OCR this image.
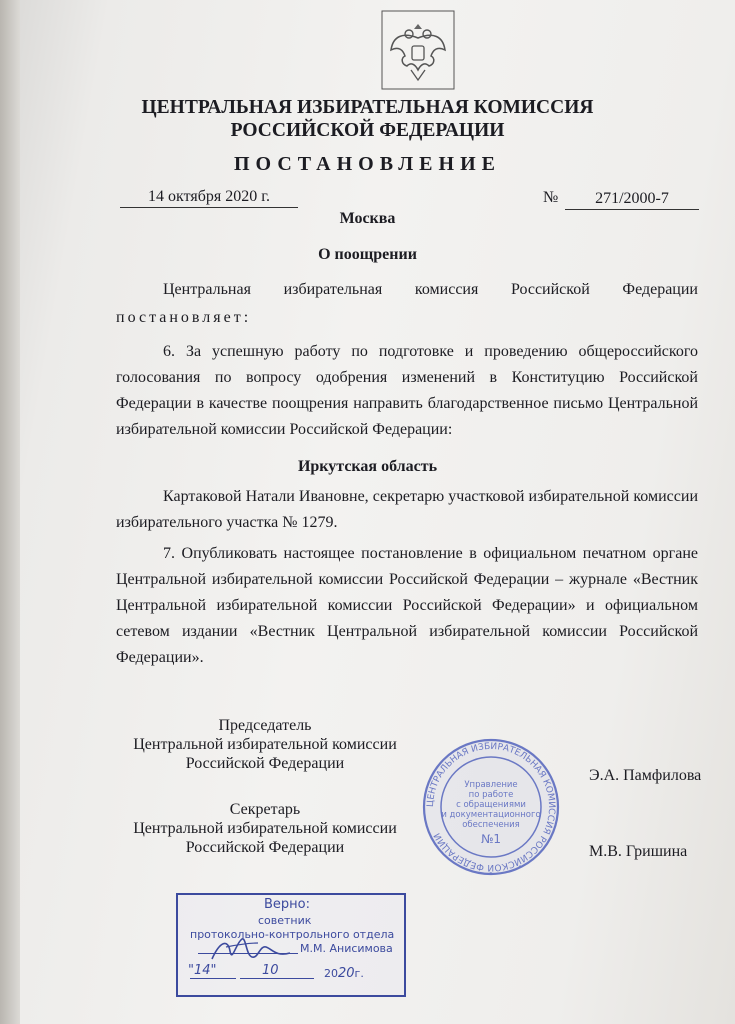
ЦЕНТРАЛЬНАЯ ИЗБИРАТЕЛЬНАЯ КОМИССИЯ
РОССИЙСКОЙ ФЕДЕРАЦИИ
ПОСТАНОВЛЕНИЕ
14 октября 2020 г.	№	271/2000-7
Москва
О поощрении
Центральная избирательная комиссия Российской Федерации
постановляет:
6. За успешную работу по подготовке и проведению общероссийского голосования по вопросу одобрения изменений в Конституцию Российской Федерации в качестве поощрения направить благодарственное письмо Центральной избирательной комиссии Российской Федерации:
Иркутская область
Картаковой Натали Ивановне, секретарю участковой избирательной комиссии избирательного участка № 1279.
7. Опубликовать настоящее постановление в официальном печатном органе Центральной избирательной комиссии Российской Федерации – журнале «Вестник Центральной избирательной комиссии Российской Федерации» и официальном сетевом издании «Вестник Центральной избирательной комиссии Российской Федерации».
Председатель
Центральной избирательной комиссии
Российской Федерации
Э.А. Памфилова
Секретарь
Центральной избирательной комиссии
Российской Федерации	М.В. Гришина
ЦЕНТРАЛЬНАЯ ИЗБИРАТЕЛЬНАЯ КОМИССИЯ РОССИЙСКОЙ ФЕДЕРАЦИИ
Управление
по работе
с обращениями
и документационного
обеспечения
№1
Верно:
советник
протокольно-контрольного отдела
М.М. Анисимова
"14"	10	2020г.
